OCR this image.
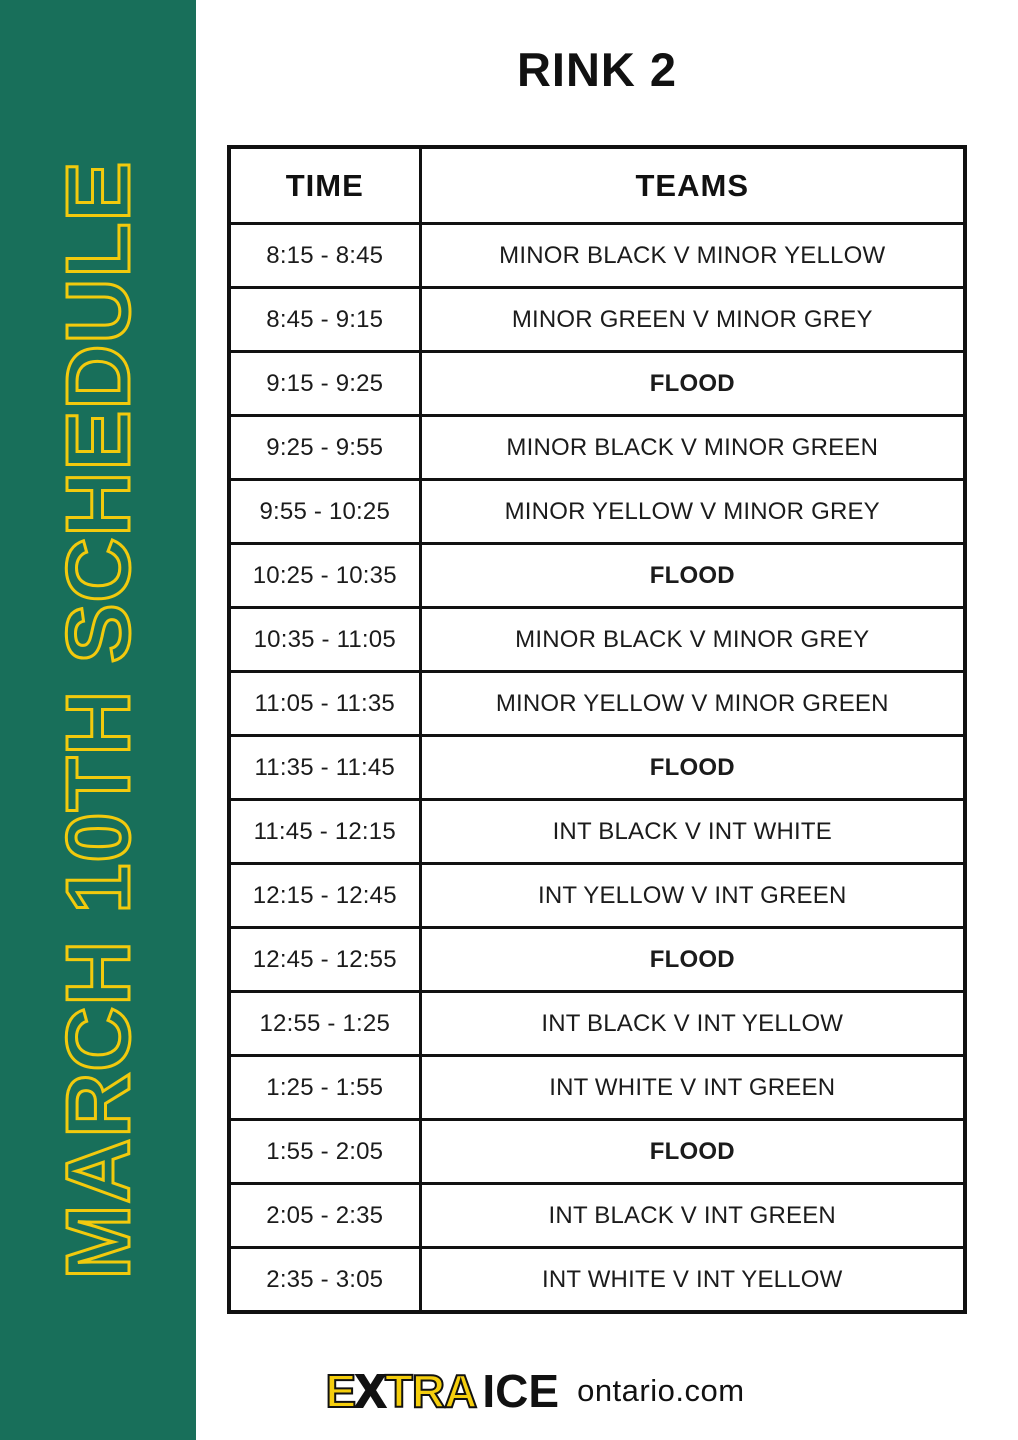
MARCH 10TH SCHEDULE
RINK 2
TIME	TEAMS
8:15 - 8:45	MINOR BLACK V MINOR YELLOW
8:45 - 9:15	MINOR GREEN V MINOR GREY
9:15 - 9:25	FLOOD
9:25 - 9:55	MINOR BLACK V MINOR GREEN
9:55 - 10:25	MINOR YELLOW V MINOR GREY
10:25 - 10:35	FLOOD
10:35 - 11:05	MINOR BLACK V MINOR GREY
11:05 - 11:35	MINOR YELLOW V MINOR GREEN
11:35 - 11:45	FLOOD
11:45 - 12:15	INT BLACK V INT WHITE
12:15 - 12:45	INT YELLOW V INT GREEN
12:45 - 12:55	FLOOD
12:55 - 1:25	INT BLACK V INT YELLOW
1:25 - 1:55	INT WHITE V INT GREEN
1:55 - 2:05	FLOOD
2:05 - 2:35	INT BLACK V INT GREEN
2:35 - 3:05	INT WHITE V INT YELLOW
EXTRA ICE ontario.com
